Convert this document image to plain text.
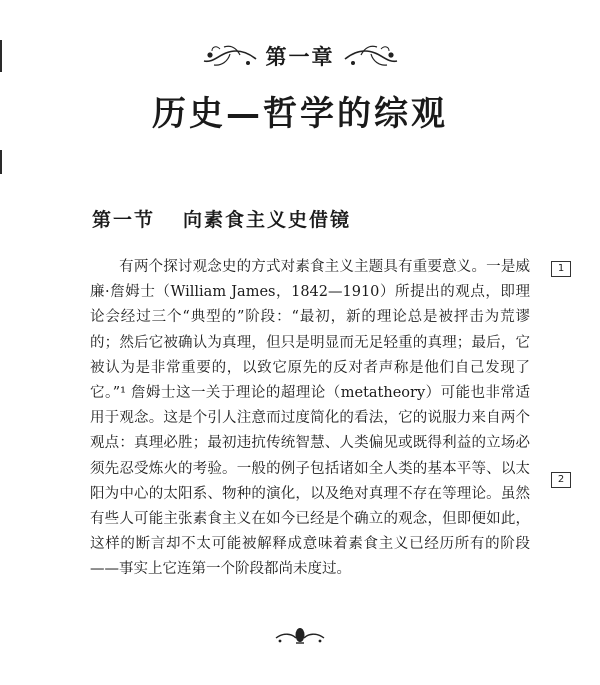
第一章
历史—哲学的综观
第一节 向素食主义史借镜

有两个探讨观念史的方式对素食主义主题具有重要意义。一是威廉·詹姆士（William James，1842—1910）所提出的观点，即理论会经过三个“典型的”阶段：“最初，新的理论总是被抨击为荒谬的；然后它被确认为真理，但只是明显而无足轻重的真理；最后，它被认为是非常重要的，以致它原先的反对者声称是他们自己发现了它。”¹ 詹姆士这一关于理论的超理论（metatheory）可能也非常适用于观念。这是个引人注意而过度简化的看法，它的说服力来自两个观点：真理必胜；最初违抗传统智慧、人类偏见或既得利益的立场必须先忍受炼火的考验。一般的例子包括诸如全人类的基本平等、以太阳为中心的太阳系、物种的演化，以及绝对真理不存在等理论。虽然有些人可能主张素食主义在如今已经是个确立的观念，但即便如此，这样的断言却不太可能被解释成意味着素食主义已经历所有的阶段——事实上它连第一个阶段都尚未度过。

1
2
